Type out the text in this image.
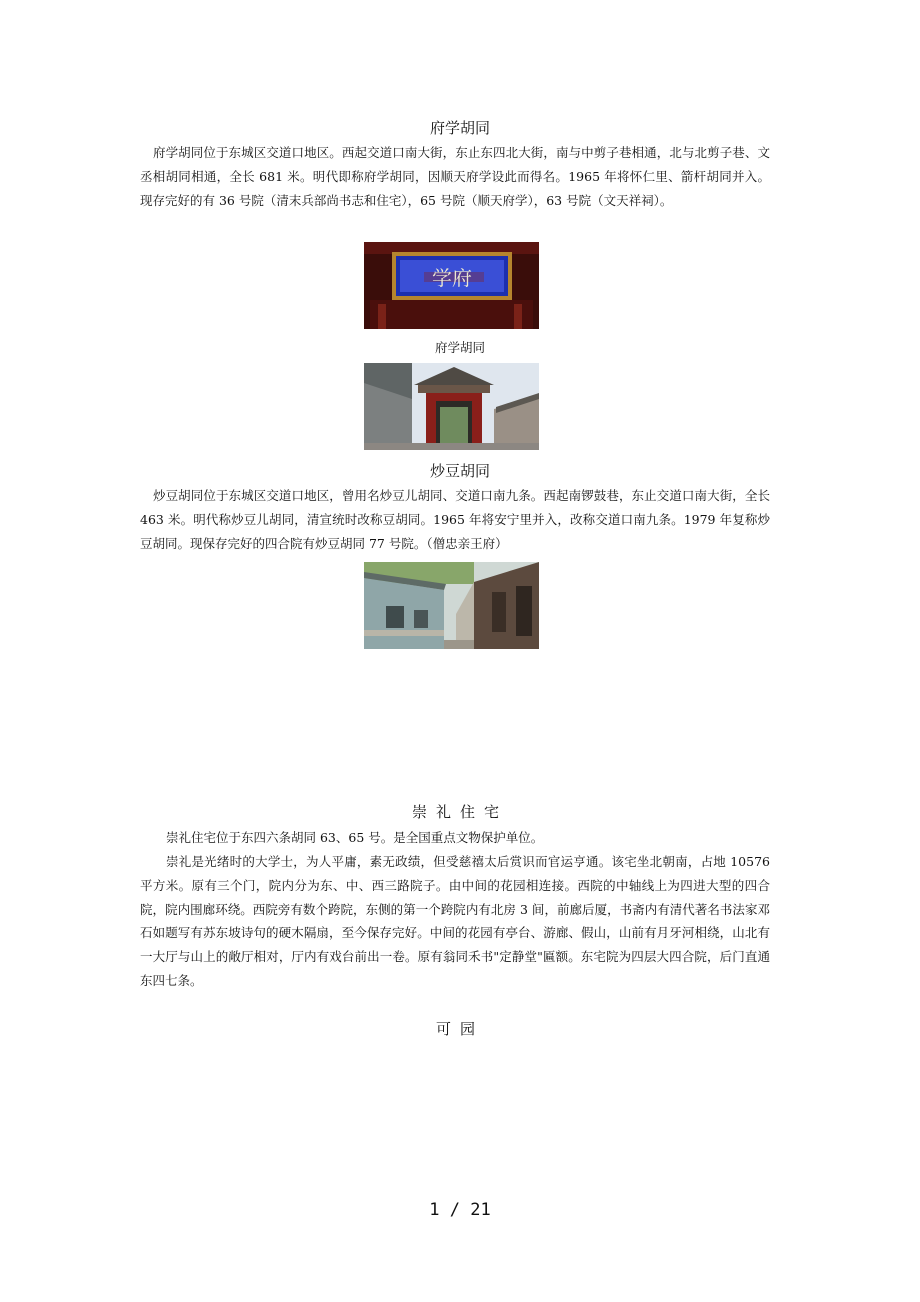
府学胡同

府学胡同位于东城区交道口地区。西起交道口南大街，东止东四北大街，南与中剪子巷相通，北与北剪子巷、文丞相胡同相通，全长 681 米。明代即称府学胡同，因顺天府学设此而得名。1965 年将怀仁里、箭杆胡同并入。现存完好的有 36 号院（清末兵部尚书志和住宅），65 号院（顺天府学），63 号院（文天祥祠）。

学府
府学胡同
炒豆胡同

炒豆胡同位于东城区交道口地区，曾用名炒豆儿胡同、交道口南九条。西起南锣鼓巷，东止交道口南大街，全长 463 米。明代称炒豆儿胡同，清宣统时改称豆胡同。1965 年将安宁里并入，改称交道口南九条。1979 年复称炒豆胡同。现保存完好的四合院有炒豆胡同 77 号院。（僧忠亲王府）

崇礼住宅

崇礼住宅位于东四六条胡同 63、65 号。是全国重点文物保护单位。

崇礼是光绪时的大学士，为人平庸，素无政绩，但受慈禧太后赏识而官运亨通。该宅坐北朝南，占地 10576 平方米。原有三个门，院内分为东、中、西三路院子。由中间的花园相连接。西院的中轴线上为四进大型的四合院，院内围廊环绕。西院旁有数个跨院，东侧的第一个跨院内有北房 3 间，前廊后厦，书斋内有清代著名书法家邓石如题写有苏东坡诗句的硬木隔扇，至今保存完好。中间的花园有亭台、游廊、假山，山前有月牙河相绕，山北有一大厅与山上的敞厅相对，厅内有戏台前出一卷。原有翁同禾书"定静堂"匾额。东宅院为四层大四合院，后门直通东四七条。

可园
1 / 21
